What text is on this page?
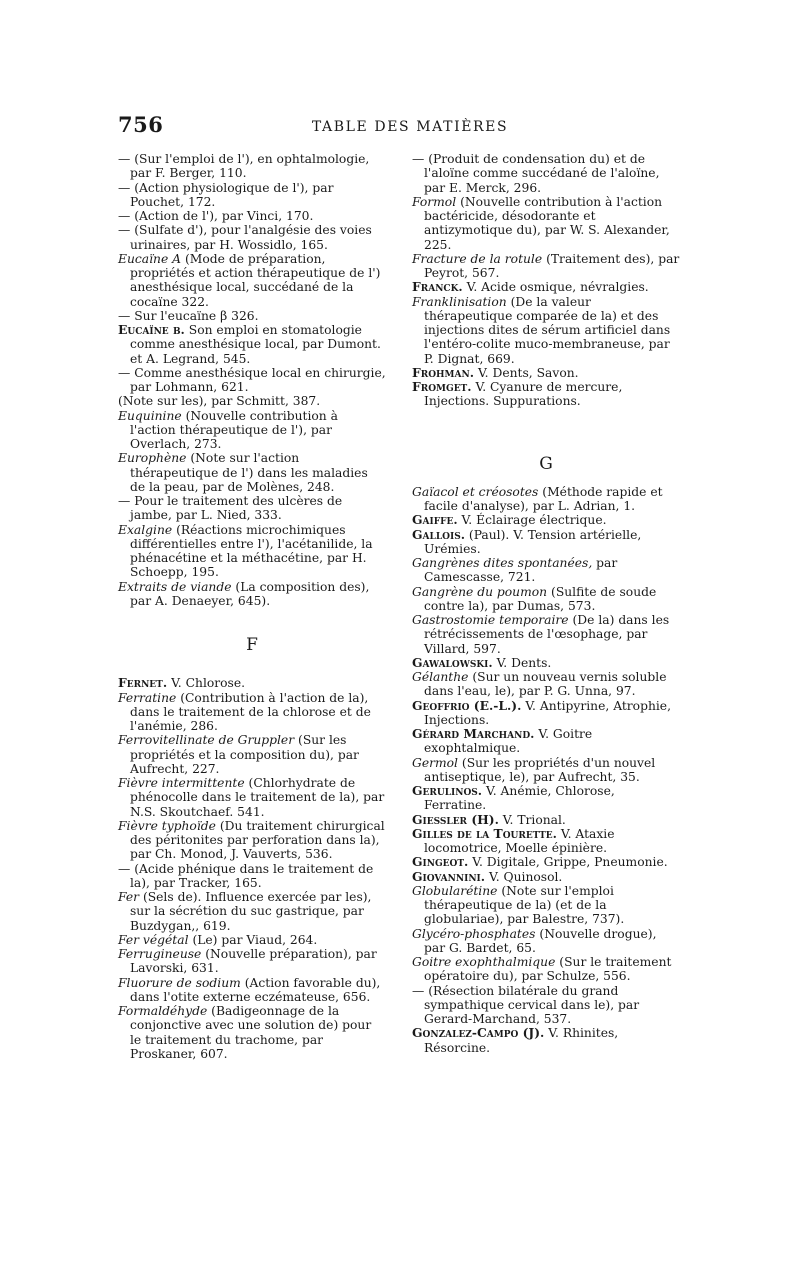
756	TABLE DES MATIÈRES

— (Sur l'emploi de l'), en ophtalmologie, par F. Berger, 110.

— (Action physiologique de l'), par Pouchet, 172.

— (Action de l'), par Vinci, 170.

— (Sulfate d'), pour l'analgésie des voies urinaires, par H. Wossidlo, 165.

Eucaïne A (Mode de préparation, propriétés et action thérapeutique de l') anesthésique local, succédané de la cocaïne 322.

— Sur l'eucaïne β 326.

Eucaïne β. Son emploi en stomatologie comme anesthésique local, par Dumont. et A. Legrand, 545.

— Comme anesthésique local en chirurgie, par Lohmann, 621.

(Note sur les), par Schmitt, 387.

Euquinine (Nouvelle contribution à l'action thérapeutique de l'), par Overlach, 273.

Europhène (Note sur l'action thérapeutique de l') dans les maladies de la peau, par de Molènes, 248.

— Pour le traitement des ulcères de jambe, par L. Nied, 333.

Exalgine (Réactions microchimiques différentielles entre l'), l'acétanilide, la phénacétine et la méthacétine, par H. Schoepp, 195.

Extraits de viande (La composition des), par A. Denaeyer, 645).

F

Fernet. V. Chlorose.

Ferratine (Contribution à l'action de la), dans le traitement de la chlorose et de l'anémie, 286.

Ferrovitellinate de Gruppler (Sur les propriétés et la composition du), par Aufrecht, 227.

Fièvre intermittente (Chlorhydrate de phénocolle dans le traitement de la), par N.S. Skoutchaef. 541.

Fièvre typhoïde (Du traitement chirurgical des péritonites par perforation dans la), par Ch. Monod, J. Vauverts, 536.

— (Acide phénique dans le traitement de la), par Tracker, 165.

Fer (Sels de). Influence exercée par les), sur la sécrétion du suc gastrique, par Buzdygan,, 619.

Fer végétal (Le) par Viaud, 264.

Ferrugineuse (Nouvelle préparation), par Lavorski, 631.

Fluorure de sodium (Action favorable du), dans l'otite externe eczémateuse, 656.

Formaldéhyde (Badigeonnage de la conjonctive avec une solution de) pour le traitement du trachome, par Proskaner, 607.

— (Produit de condensation du) et de l'aloïne comme succédané de l'aloïne, par E. Merck, 296.

Formol (Nouvelle contribution à l'action bactéricide, désodorante et antizymotique du), par W. S. Alexander, 225.

Fracture de la rotule (Traitement des), par Peyrot, 567.

Franck. V. Acide osmique, névralgies.

Franklinisation (De la valeur thérapeutique comparée de la) et des injections dites de sérum artificiel dans l'entéro-colite muco-membraneuse, par P. Dignat, 669.

Frohman. V. Dents, Savon.

Fromget. V. Cyanure de mercure, Injections. Suppurations.

G

Gaïacol et créosotes (Méthode rapide et facile d'analyse), par L. Adrian, 1.

Gaiffe. V. Éclairage électrique.

Gallois. (Paul). V. Tension artérielle, Urémies.

Gangrènes dites spontanées, par Camescasse, 721.

Gangrène du poumon (Sulfite de soude contre la), par Dumas, 573.

Gastrostomie temporaire (De la) dans les rétrécissements de l'œsophage, par Villard, 597.

Gawalowski. V. Dents.

Gélanthe (Sur un nouveau vernis soluble dans l'eau, le), par P. G. Unna, 97.

Geoffrio (E.-L.). V. Antipyrine, Atrophie, Injections.

Gérard Marchand. V. Goitre exophtalmique.

Germol (Sur les propriétés d'un nouvel antiseptique, le), par Aufrecht, 35.

Gerulinos. V. Anémie, Chlorose, Ferratine.

Giessler (H). V. Trional.

Gilles de la Tourette. V. Ataxie locomotrice, Moelle épinière.

Gingeot. V. Digitale, Grippe, Pneumonie.

Giovannini. V. Quinosol.

Globularétine (Note sur l'emploi thérapeutique de la) (et de la globulariae), par Balestre, 737).

Glycéro-phosphates (Nouvelle drogue), par G. Bardet, 65.

Goitre exophthalmique (Sur le traitement opératoire du), par Schulze, 556.

— (Résection bilatérale du grand sympathique cervical dans le), par Gerard-Marchand, 537.

Gonzalez-Campo (J). V. Rhinites, Résorcine.
